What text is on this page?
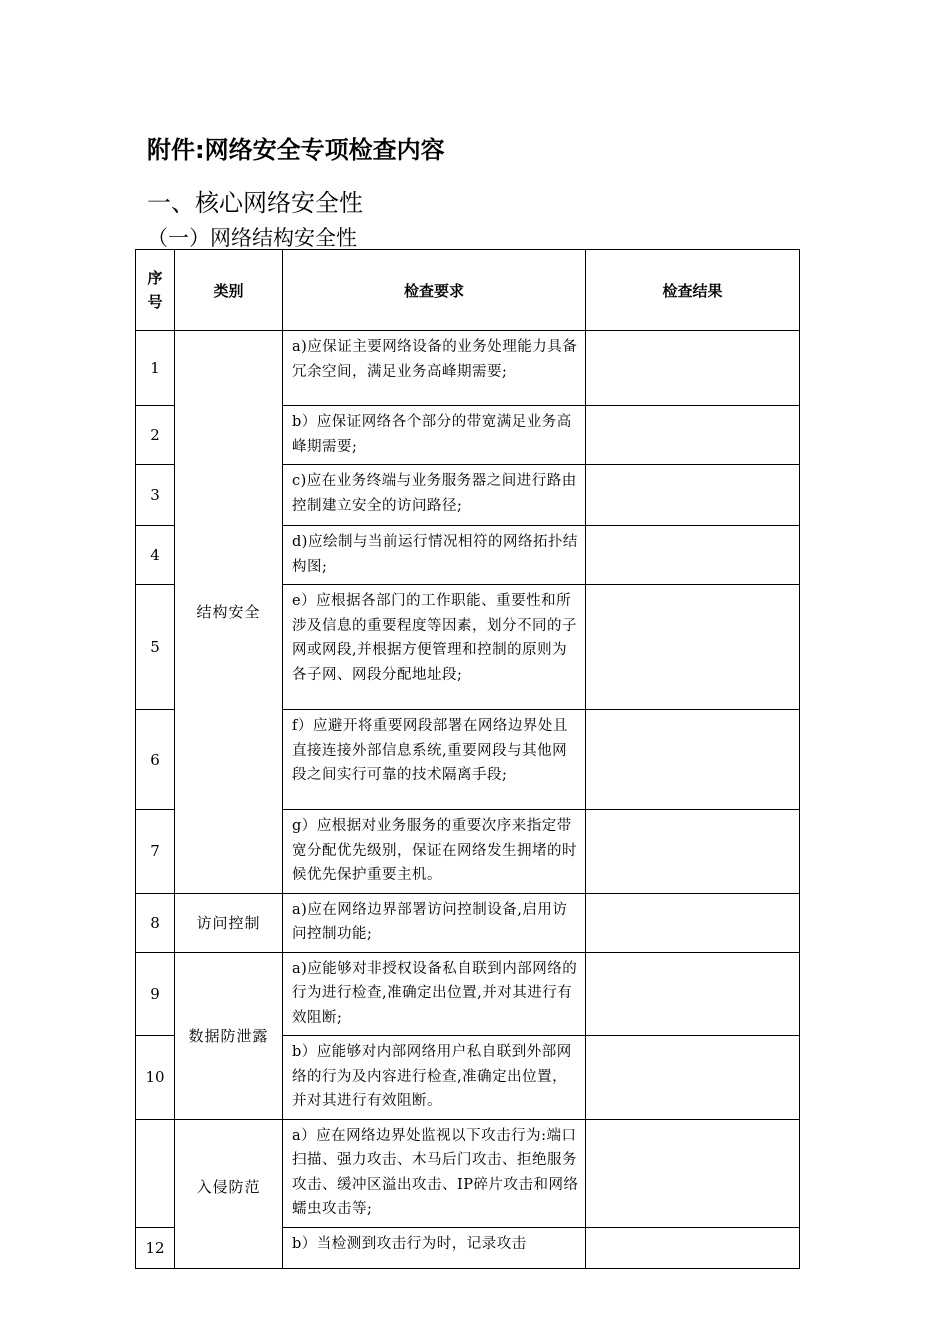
附件:网络安全专项检查内容
一、核心网络安全性
（一）网络结构安全性
序号	类别	检查要求	检查结果
1	结构安全	a)应保证主要网络设备的业务处理能力具备冗余空间，满足业务高峰期需要;	
2		b）应保证网络各个部分的带宽满足业务高峰期需要;	
3		c)应在业务终端与业务服务器之间进行路由控制建立安全的访问路径;	
4		d)应绘制与当前运行情况相符的网络拓扑结构图;	
5		e）应根据各部门的工作职能、重要性和所涉及信息的重要程度等因素，划分不同的子网或网段,并根据方便管理和控制的原则为各子网、网段分配地址段;	
6		f）应避开将重要网段部署在网络边界处且直接连接外部信息系统,重要网段与其他网段之间实行可靠的技术隔离手段;	
7		g）应根据对业务服务的重要次序来指定带宽分配优先级别，保证在网络发生拥堵的时候优先保护重要主机。	
8	访问控制	a)应在网络边界部署访问控制设备,启用访问控制功能;	
9	数据防泄露	a)应能够对非授权设备私自联到内部网络的行为进行检查,准确定出位置,并对其进行有效阻断;	
10		b）应能够对内部网络用户私自联到外部网络的行为及内容进行检查,准确定出位置，并对其进行有效阻断。	
	入侵防范	a）应在网络边界处监视以下攻击行为:端口扫描、强力攻击、木马后门攻击、拒绝服务攻击、缓冲区溢出攻击、IP碎片攻击和网络蠕虫攻击等;	
12		b）当检测到攻击行为时，记录攻击	
